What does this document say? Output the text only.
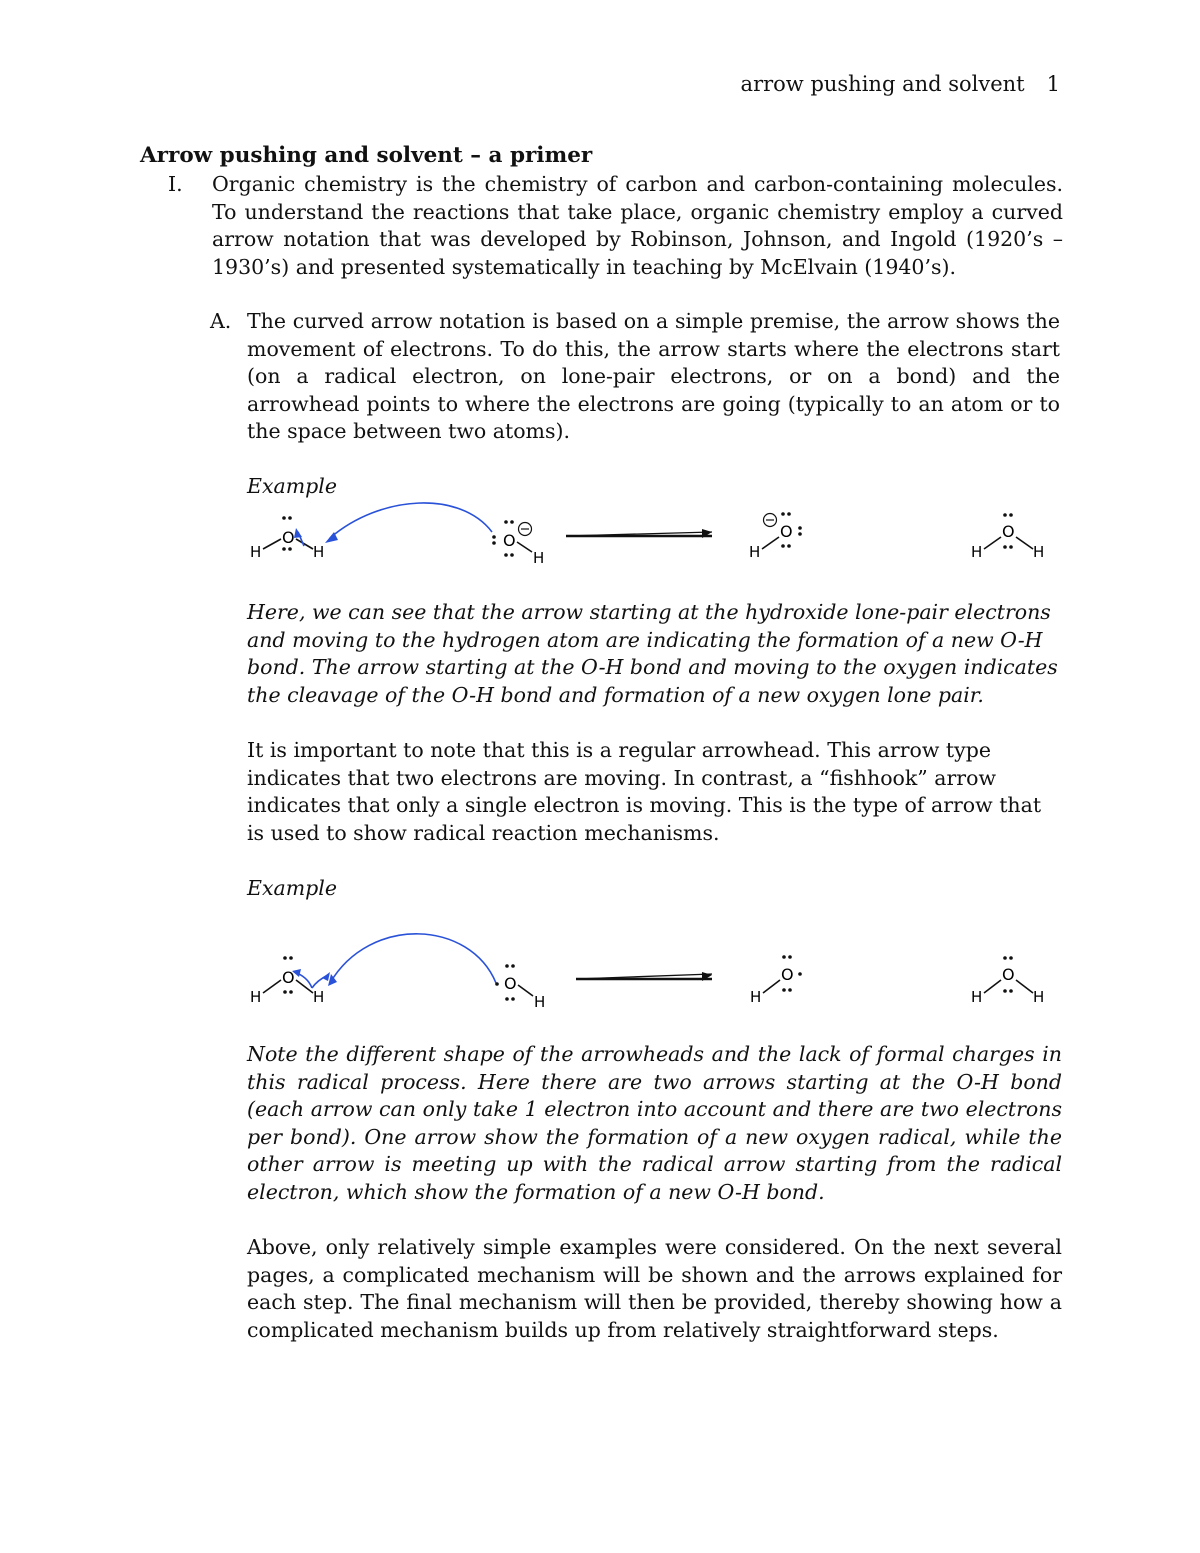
arrow pushing and solvent 1
Arrow pushing and solvent – a primer
I. Organic chemistry is the chemistry of carbon and carbon-containing molecules. To understand the reactions that take place, organic chemistry employ a curved arrow notation that was developed by Robinson, Johnson, and Ingold (1920’s – 1930’s) and presented systematically in teaching by McElvain (1940’s).
A. The curved arrow notation is based on a simple premise, the arrow shows the movement of electrons. To do this, the arrow starts where the electrons start (on a radical electron, on lone-pair electrons, or on a bond) and the arrowhead points to where the electrons are going (typically to an atom or to the space between two atoms).
Example
H
O
H
O
H	H
O
H
O
H
Here, we can see that the arrow starting at the hydroxide lone-pair electrons and moving to the hydrogen atom are indicating the formation of a new O-H bond. The arrow starting at the O-H bond and moving to the oxygen indicates the cleavage of the O-H bond and formation of a new oxygen lone pair.
It is important to note that this is a regular arrowhead. This arrow type indicates that two electrons are moving. In contrast, a “fishhook” arrow indicates that only a single electron is moving. This is the type of arrow that is used to show radical reaction mechanisms.
Example
H
O
H
O
H	H
O
H
O
H
Note the different shape of the arrowheads and the lack of formal charges in this radical process. Here there are two arrows starting at the O-H bond (each arrow can only take 1 electron into account and there are two electrons per bond). One arrow show the formation of a new oxygen radical, while the other arrow is meeting up with the radical arrow starting from the radical electron, which show the formation of a new O-H bond.
Above, only relatively simple examples were considered. On the next several pages, a complicated mechanism will be shown and the arrows explained for each step. The final mechanism will then be provided, thereby showing how a complicated mechanism builds up from relatively straightforward steps.
